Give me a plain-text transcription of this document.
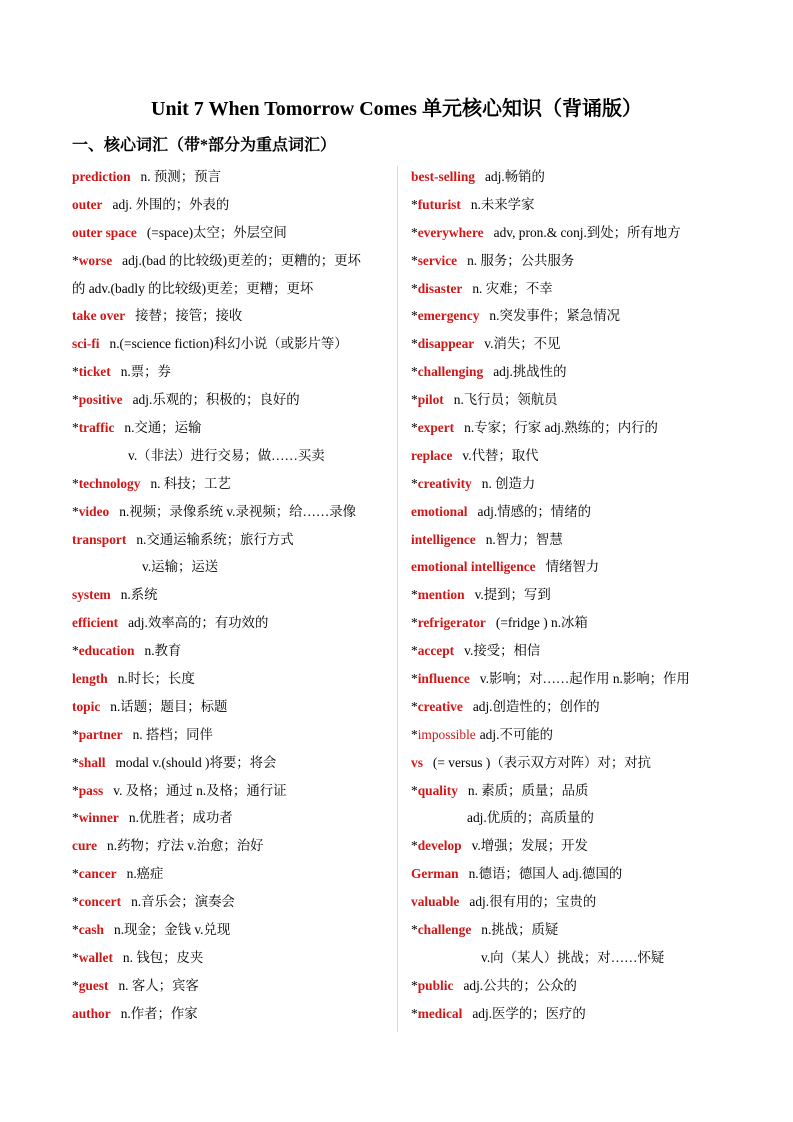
Unit 7 When Tomorrow Comes 单元核心知识（背诵版）
一、核心词汇（带*部分为重点词汇）
prediction n. 预测；预言
outer adj. 外围的；外表的
outer space (=space)太空；外层空间
*worse adj.(bad 的比较级)更差的；更糟的；更坏
的 adv.(badly 的比较级)更差；更糟；更坏
take over 接替；接管；接收
sci-fi n.(=science fiction)科幻小说（或影片等）
*ticket n.票；券
*positive adj.乐观的；积极的；良好的
*traffic n.交通；运输
v.（非法）进行交易；做……买卖
*technology n. 科技；工艺
*video n.视频；录像系统 v.录视频；给……录像
transport n.交通运输系统；旅行方式
v.运输；运送
system n.系统
efficient adj.效率高的；有功效的
*education n.教育
length n.时长；长度
topic n.话题；题目；标题
*partner n. 搭档；同伴
*shall modal v.(should )将要；将会
*pass v. 及格；通过 n.及格；通行证
*winner n.优胜者；成功者
cure n.药物；疗法 v.治愈；治好
*cancer n.癌症
*concert n.音乐会；演奏会
*cash n.现金；金钱 v.兑现
*wallet n. 钱包；皮夹
*guest n. 客人；宾客
author n.作者；作家
best-selling adj.畅销的
*futurist n.未来学家
*everywhere adv, pron.& conj.到处；所有地方
*service n. 服务；公共服务
*disaster n. 灾难；不幸
*emergency n.突发事件；紧急情况
*disappear v.消失；不见
*challenging adj.挑战性的
*pilot n.飞行员；领航员
*expert n.专家；行家 adj.熟练的；内行的
replace v.代替；取代
*creativity n. 创造力
emotional adj.情感的；情绪的
intelligence n.智力；智慧
emotional intelligence 情绪智力
*mention v.提到；写到
*refrigerator (=fridge ) n.冰箱
*accept v.接受；相信
*influence v.影响；对……起作用 n.影响；作用
*creative adj.创造性的；创作的
*impossible adj.不可能的
vs (= versus )（表示双方对阵）对；对抗
*quality n. 素质；质量；品质
adj.优质的；高质量的
*develop v.增强；发展；开发
German n.德语；德国人 adj.德国的
valuable adj.很有用的；宝贵的
*challenge n.挑战；质疑
v.向（某人）挑战；对……怀疑
*public adj.公共的；公众的
*medical adj.医学的；医疗的
